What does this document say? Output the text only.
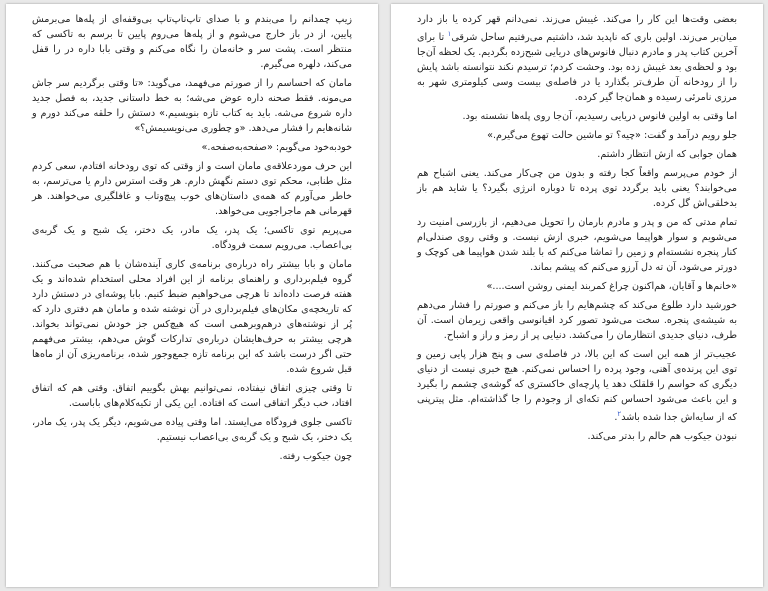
زیپ چمدانم را می‌بندم و با صدای تاپ‌تاپ‌تاپ بی‌وقفه‌ای از پله‌ها می‌برمش پایین، از در باز خارج می‌شوم و از پله‌ها می‌روم پایین تا برسم به تاکسی که منتظر است. پشت سر و خانه‌مان را نگاه می‌کنم و وقتی بابا داره در را قفل می‌کند، دلهره می‌گیرم.

مامان که احساسم را از صورتم می‌فهمد، می‌گوید: «تا وقتی برگردیم سر جاش می‌مونه. فقط صحنه داره عوض می‌شه؛ به خط داستانی جدید، به فصل جدید داره شروع می‌شه. باید یه کتاب تازه بنویسیم.» دستش را حلقه می‌کند دورم و شانه‌هایم را فشار می‌دهد. «و چطوری می‌نویسیمش؟»

خودبه‌خود می‌گویم: «صفحه‌به‌صفحه.»

این حرف موردعلاقه‌ی مامان است و از وقتی که توی رودخانه افتادم، سعی کردم مثل طنابی، محکم توی دستم نگهش دارم. هر وقت استرس دارم یا می‌ترسم، به خاطر می‌آورم که همه‌ی داستان‌های خوب پیچ‌وتاب و غافلگیری می‌خواهند. هر قهرمانی هم ماجراجویی می‌خواهد.

می‌پریم توی تاکسی؛ یک پدر، یک مادر، یک دختر، یک شبح و یک گربه‌ی بی‌اعصاب. می‌رویم سمت فرودگاه.

مامان و بابا بیشتر راه درباره‌ی برنامه‌ی کاری آینده‌شان با هم صحبت می‌کنند. گروه فیلم‌برداری و راهنمای برنامه از این افراد محلی استخدام شده‌اند و یک هفته فرصت داده‌اند تا هرچی می‌خواهیم ضبط کنیم. بابا پوشه‌ای در دستش دارد که تاریخچه‌ی مکان‌های فیلم‌برداری در آن نوشته شده و مامان هم دفتری دارد که پُر از نوشته‌های درهم‌وبرهمی است که هیچ‌کس جز خودش نمی‌تواند بخواند. هرچی بیشتر به حرف‌هایشان درباره‌ی تدارکات گوش می‌دهم، بیشتر می‌فهمم حتی اگر درست باشد که این برنامه تازه جمع‌وجور شده، برنامه‌ریزی آن از ماه‌ها قبل شروع شده.

تا وقتی چیزی اتفاق نیفتاده، نمی‌توانیم بهش بگوییم اتفاق. وقتی هم که اتفاق افتاد، خب دیگر اتفاقی است که افتاده. این یکی از تکیه‌کلام‌های باباست.

تاکسی جلوی فرودگاه می‌ایستد. اما وقتی پیاده می‌شویم، دیگر یک پدر، یک مادر، یک دختر، یک شبح و یک گربه‌ی بی‌اعصاب نیستیم.

چون جیکوب رفته.

بعضی وقت‌ها این کار را می‌کند. غیبش می‌زند. نمی‌دانم قهر کرده یا باز دارد میان‌بر می‌زند. اولین باری که ناپدید شد، داشتیم می‌رفتیم ساحل شرقی$^۱$ تا برای آخرین کتاب پدر و مادرم دنبال فانوس‌های دریایی شبح‌زده بگردیم. یک لحظه آن‌جا بود و لحظه‌ی بعد غیبش زده بود. وحشت کردم؛ ترسیدم نکند نتوانسته باشد پایش را از رودخانه آن طرف‌تر بگذارد یا در فاصله‌ی بیست‌ وسی کیلومتری شهر به مرزی نامرئی رسیده و همان‌جا گیر کرده.

اما وقتی به اولین فانوس دریایی رسیدیم، آن‌جا روی پله‌ها نشسته بود.

جلو رویم درآمد و گفت: «چیه؟ تو ماشین حالت تهوع می‌گیرم.»

همان جوابی که ازش انتظار داشتم.

از خودم می‌پرسم واقعاً کجا رفته و بدون من چی‌کار می‌کند. یعنی اشباح هم می‌خوابند؟ یعنی باید برگردد توی پرده تا دوباره انرژی بگیرد؟ یا شاید هم باز بدخلقی‌اش گل کرده.

تمام مدتی که من و پدر و مادرم بارمان را تحویل می‌دهیم، از بازرسی امنیت رد می‌شویم و سوار هواپیما می‌شویم، خبری ازش نیست. و وقتی روی صندلی‌ام کنار پنجره نشسته‌ام و زمین را تماشا می‌کنم که با بلند شدن هواپیما هی کوچک و دورتر می‌شود، آن ته دل آرزو می‌کنم که پیشم بماند.

«خانم‌ها و آقایان، هم‌اکنون چراغ کمربند ایمنی روشن است....»

خورشید دارد طلوع می‌کند که چشم‌هایم را باز می‌کنم و صورتم را فشار می‌دهم به شیشه‌ی پنجره. سخت می‌شود تصور کرد اقیانوسی واقعی زیرمان است. آن طرف، دنیای جدیدی انتظارمان را می‌کشد. دنیایی پر از رمز و راز و اشباح.

عجیب‌تر از همه این است که این بالا، در فاصله‌ی سی و پنج هزار پایی زمین و توی این پرنده‌ی آهنی، وجود پرده را احساس نمی‌کنم. هیچ خبری نیست از دنیای دیگری که حواسم را قلقلک دهد یا پارچه‌ای خاکستری که گوشه‌ی چشمم را بگیرد و این باعث می‌شود احساس کنم تکه‌ای از وجودم را جا گذاشته‌ام. مثل پیترپنی که از سایه‌اش جدا شده باشد$^۲$.

نبودن جیکوب هم حالم را بدتر می‌کند.
